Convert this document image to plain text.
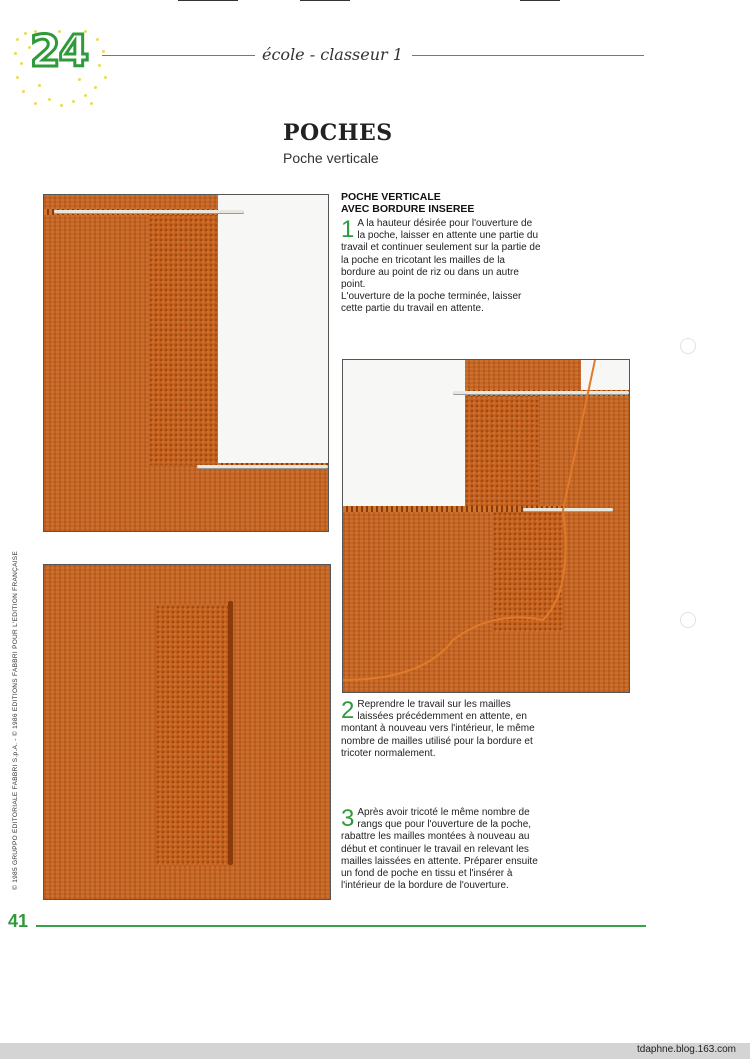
24	école - classeur 1
POCHES
Poche verticale
POCHE VERTICALE
AVEC BORDURE INSEREE
1 A la hauteur désirée pour l'ouverture de la poche, laisser en attente une partie du travail et continuer seulement sur la partie de la poche en tricotant les mailles de la bordure au point de riz ou dans un autre point.
L'ouverture de la poche terminée, laisser cette partie du travail en attente.
2 Reprendre le travail sur les mailles laissées précédemment en attente, en montant à nouveau vers l'intérieur, le même nombre de mailles utilisé pour la bordure et tricoter normalement.
3 Après avoir tricoté le même nombre de rangs que pour l'ouverture de la poche, rabattre les mailles montées à nouveau au début et continuer le travail en relevant les mailles laissées en attente. Préparer ensuite un fond de poche en tissu et l'insérer à l'intérieur de la bordure de l'ouverture.
© 1985 GRUPPO EDITORIALE FABBRI S.p.A. - © 1986 EDITIONS FABBRI POUR L'EDITION FRANÇAISE
41
tdaphne.blog.163.com
